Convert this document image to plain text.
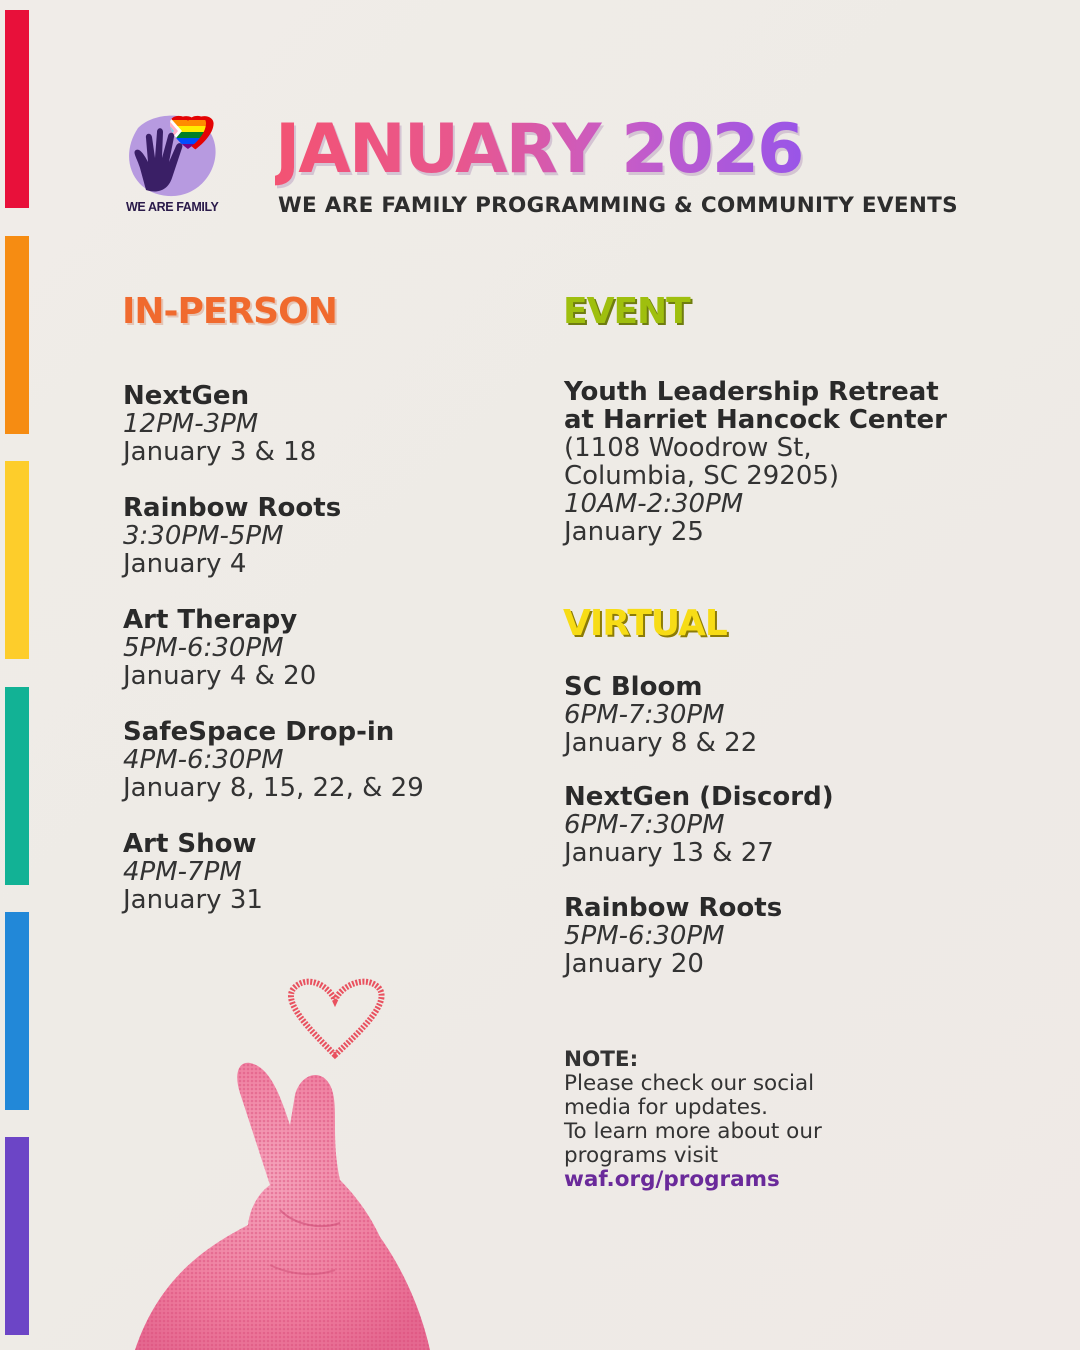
WE ARE FAMILY
JANUARY 2026
WE ARE FAMILY PROGRAMMING & COMMUNITY EVENTS
IN-PERSON
NextGen
12PM-3PM
January 3 & 18
Rainbow Roots
3:30PM-5PM
January 4
Art Therapy
5PM-6:30PM
January 4 & 20
SafeSpace Drop-in
4PM-6:30PM
January 8, 15, 22, & 29
Art Show
4PM-7PM
January 31
EVENT
Youth Leadership Retreat
at Harriet Hancock Center
(1108 Woodrow St,
Columbia, SC 29205)
10AM-2:30PM
January 25
VIRTUAL
SC Bloom
6PM-7:30PM
January 8 & 22
NextGen (Discord)
6PM-7:30PM
January 13 & 27
Rainbow Roots
5PM-6:30PM
January 20
NOTE:
Please check our social
media for updates.
To learn more about our
programs visit
waf.org/programs
